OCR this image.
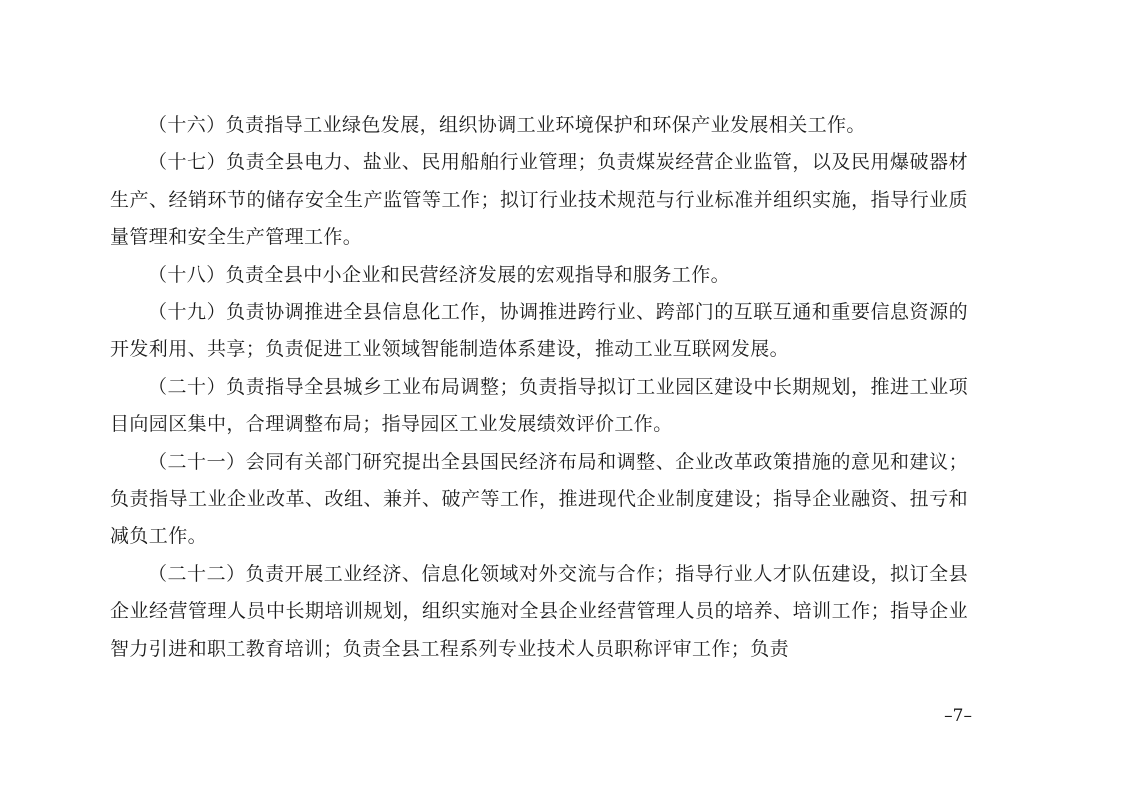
（十六）负责指导工业绿色发展，组织协调工业环境保护和环保产业发展相关工作。

（十七）负责全县电力、盐业、民用船舶行业管理；负责煤炭经营企业监管，以及民用爆破器材生产、经销环节的储存安全生产监管等工作；拟订行业技术规范与行业标准并组织实施，指导行业质量管理和安全生产管理工作。

（十八）负责全县中小企业和民营经济发展的宏观指导和服务工作。

（十九）负责协调推进全县信息化工作，协调推进跨行业、跨部门的互联互通和重要信息资源的开发利用、共享；负责促进工业领域智能制造体系建设，推动工业互联网发展。

（二十）负责指导全县城乡工业布局调整；负责指导拟订工业园区建设中长期规划，推进工业项目向园区集中，合理调整布局；指导园区工业发展绩效评价工作。

（二十一）会同有关部门研究提出全县国民经济布局和调整、企业改革政策措施的意见和建议；负责指导工业企业改革、改组、兼并、破产等工作，推进现代企业制度建设；指导企业融资、扭亏和减负工作。

（二十二）负责开展工业经济、信息化领域对外交流与合作；指导行业人才队伍建设，拟订全县企业经营管理人员中长期培训规划，组织实施对全县企业经营管理人员的培养、培训工作；指导企业智力引进和职工教育培训；负责全县工程系列专业技术人员职称评审工作；负责

–7–
